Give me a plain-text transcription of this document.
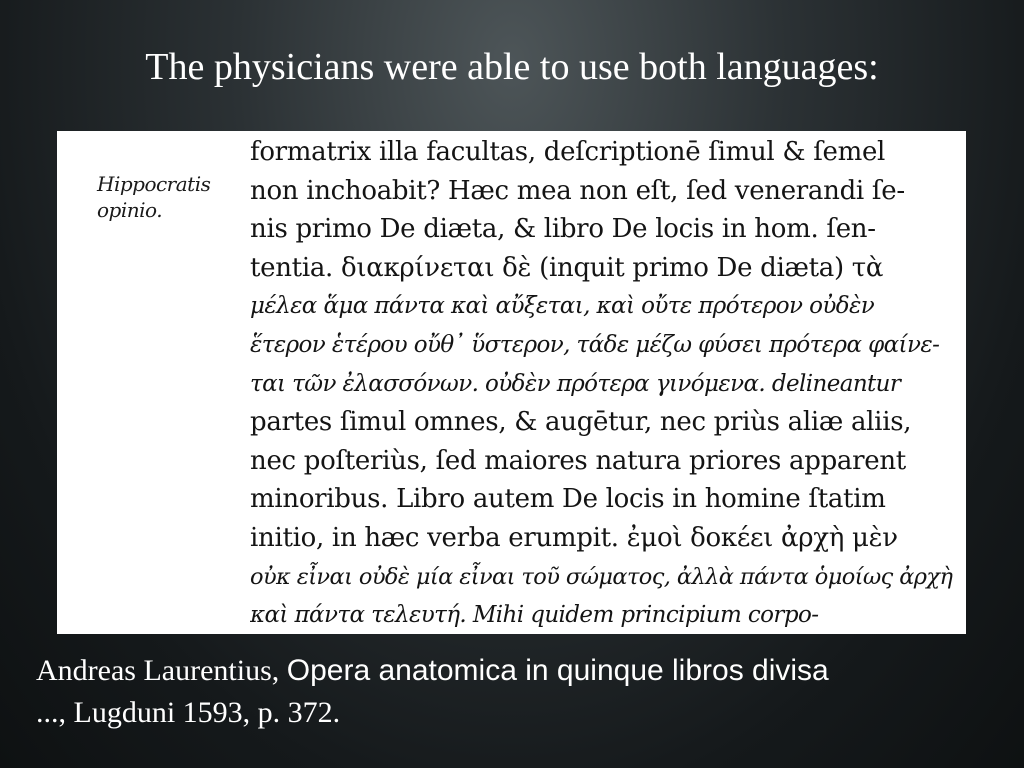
The physicians were able to use both languages:
Hippocratis
opinio.
formatrix illa facultas, deſcriptionē ſimul & ſemel
non inchoabit? Hæc mea non eſt, ſed venerandi ſe-
nis primo De diæta, & libro De locis in hom. ſen-
tentia. διακρίνεται δὲ (inquit primo De diæta) τὰ
μέλεα ἅμα πάντα καὶ αὔξεται, καὶ οὔτε πρότερον οὐδὲν
ἕτερον ἑτέρου οὔθ᾽ ὕστερον, τάδε μέζω φύσει πρότερα φαίνε-
ται τῶν ἐλασσόνων. οὐδὲν πρότερα γινόμενα. delineantur
partes ſimul omnes, & augētur, nec priùs aliæ aliis,
nec poſteriùs, ſed maiores natura priores apparent
minoribus. Libro autem De locis in homine ſtatim
initio, in hæc verba erumpit. ἐμοὶ δοκέει ἀρχὴ μὲν
οὐκ εἶναι οὐδὲ μία εἶναι τοῦ σώματος, ἀλλὰ πάντα ὁμοίως ἀρχὴ
καὶ πάντα τελευτή. Mihi quidem principium corpo-
Andreas Laurentius, Opera anatomica in quinque libros divisa
..., Lugduni 1593, p. 372.
